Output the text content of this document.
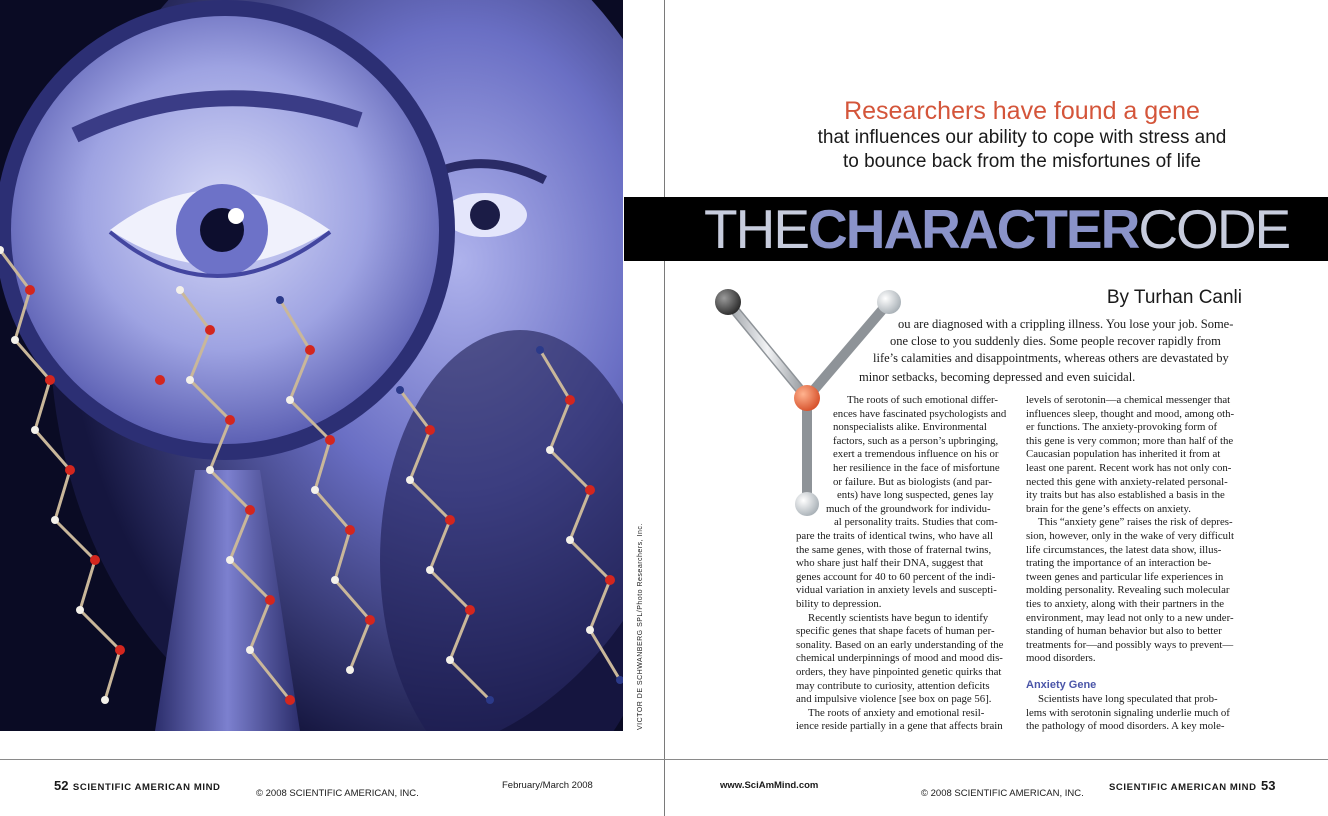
VICTOR DE SCHWANBERG SPL/Photo Researchers, Inc.
Researchers have found a gene
that influences our ability to cope with stress and
to bounce back from the misfortunes of life
THECHARACTERCODE
By Turhan Canli
ou are diagnosed with a crippling illness. You lose your job. Some-
one close to you suddenly dies. Some people recover rapidly from
life’s calamities and disappointments, whereas others are devastated by
minor setbacks, becoming depressed and even suicidal.
The roots of such emotional differ-
ences have fascinated psychologists and
nonspecialists alike. Environmental
factors, such as a person’s upbringing,
exert a tremendous influence on his or
her resilience in the face of misfortune
or failure. But as biologists (and par-
ents) have long suspected, genes lay
much of the groundwork for individu-
al personality traits. Studies that com-
pare the traits of identical twins, who have all
the same genes, with those of fraternal twins,
who share just half their DNA, suggest that
genes account for 40 to 60 percent of the indi-
vidual variation in anxiety levels and suscepti-
bility to depression.
Recently scientists have begun to identify
specific genes that shape facets of human per-
sonality. Based on an early understanding of the
chemical underpinnings of mood and mood dis-
orders, they have pinpointed genetic quirks that
may contribute to curiosity, attention deficits
and impulsive violence [see box on page 56].
The roots of anxiety and emotional resil-
ience reside partially in a gene that affects brain
levels of serotonin—a chemical messenger that
influences sleep, thought and mood, among oth-
er functions. The anxiety-provoking form of
this gene is very common; more than half of the
Caucasian population has inherited it from at
least one parent. Recent work has not only con-
nected this gene with anxiety-related personal-
ity traits but has also established a basis in the
brain for the gene’s effects on anxiety.
This “anxiety gene” raises the risk of depres-
sion, however, only in the wake of very difficult
life circumstances, the latest data show, illus-
trating the importance of an interaction be-
tween genes and particular life experiences in
molding personality. Revealing such molecular
ties to anxiety, along with their partners in the
environment, may lead not only to a new under-
standing of human behavior but also to better
treatments for—and possibly ways to prevent—
mood disorders.
Anxiety Gene
Scientists have long speculated that prob-
lems with serotonin signaling underlie much of
the pathology of mood disorders. A key mole-
52 SCIENTIFIC AMERICAN MIND
© 2008 SCIENTIFIC AMERICAN, INC.
February/March 2008	www.SciAmMind.com
© 2008 SCIENTIFIC AMERICAN, INC.
SCIENTIFIC AMERICAN MIND 53
